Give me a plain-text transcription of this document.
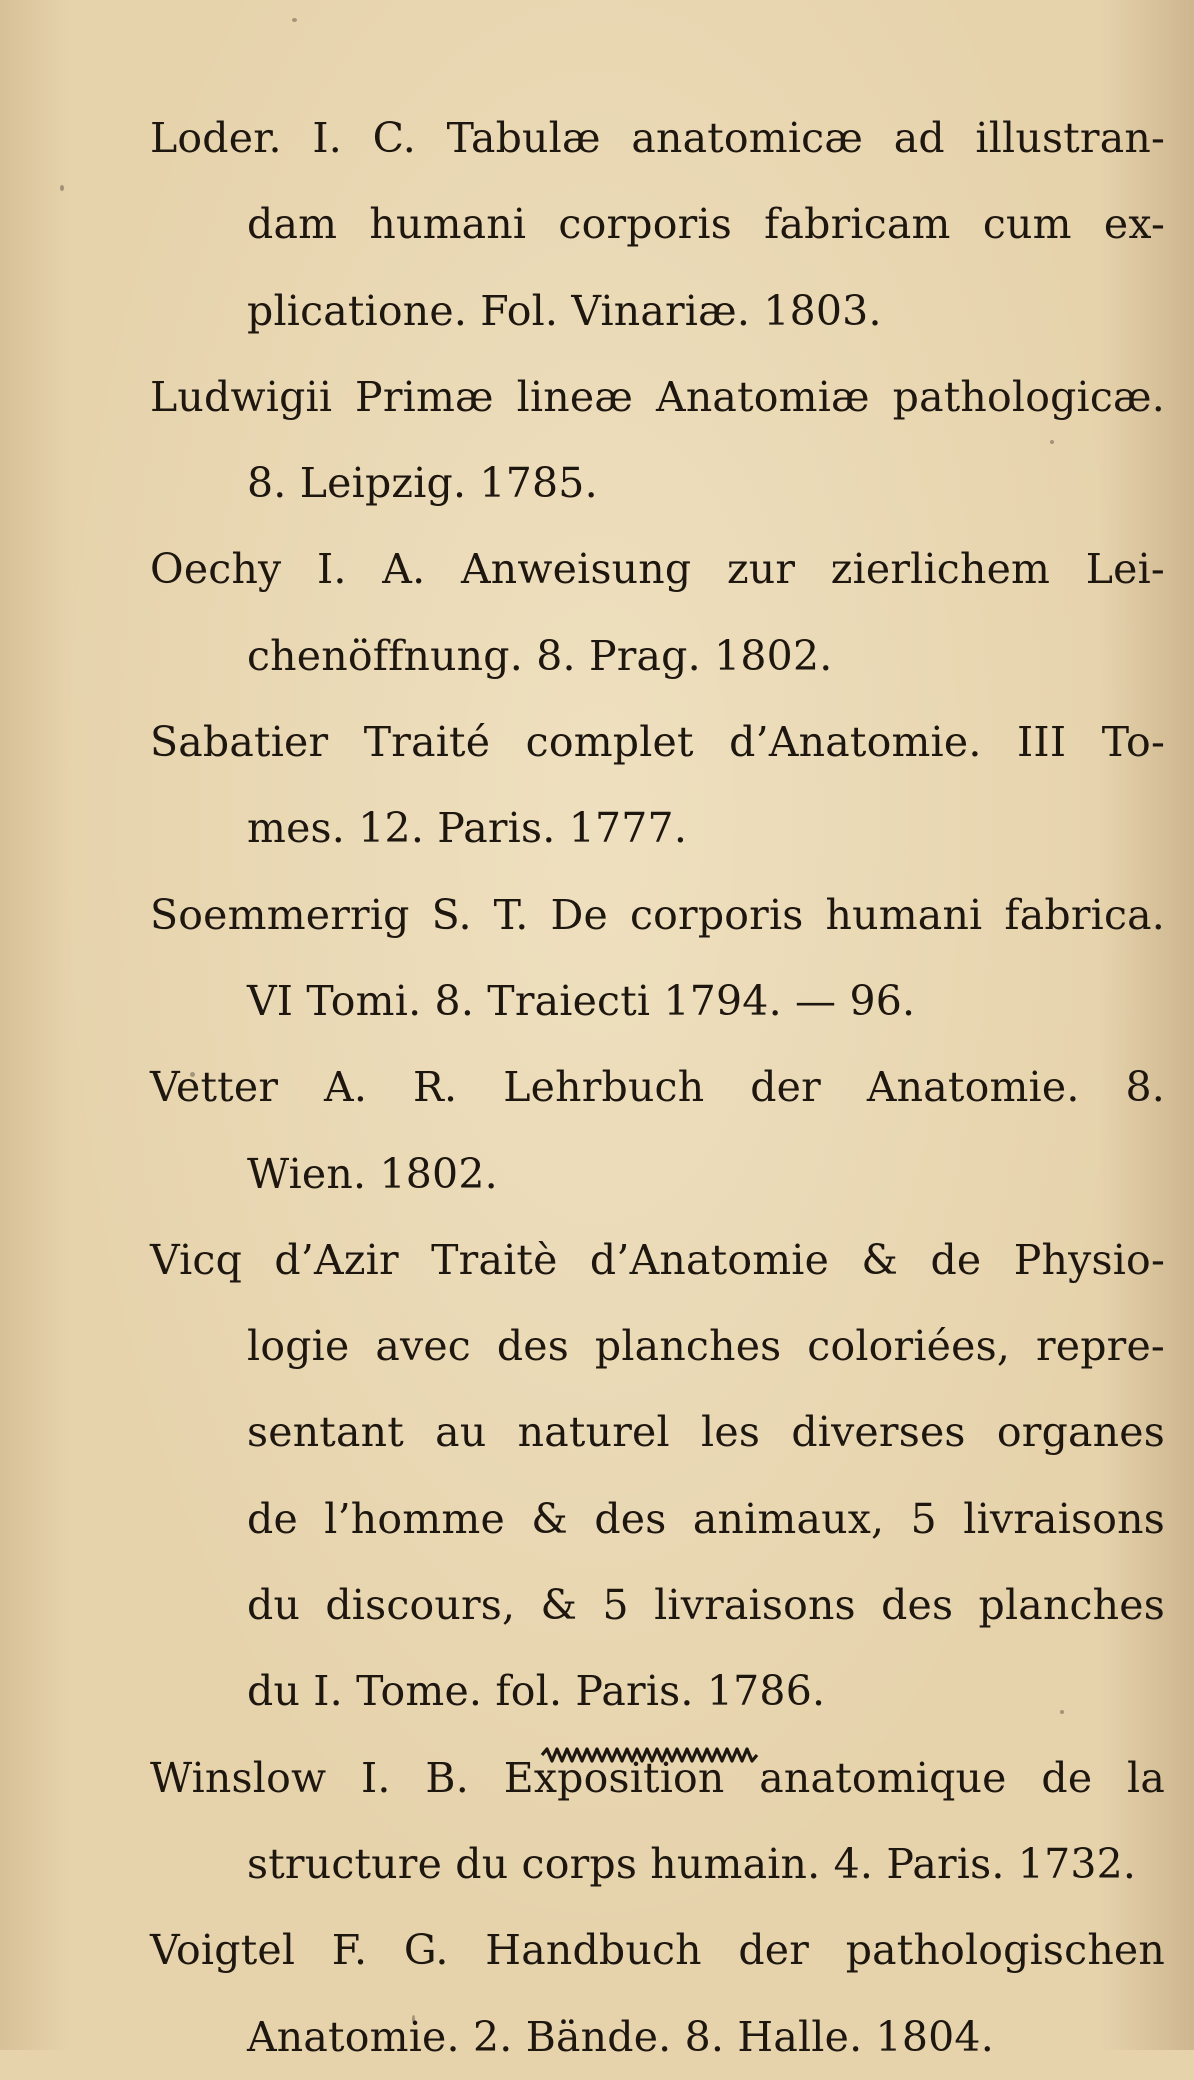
Loder. I. C. Tabulæ anatomicæ ad illustran-
dam humani corporis fabricam cum ex-
plicatione. Fol. Vinariæ. 1803.
Ludwigii Primæ lineæ Anatomiæ pathologicæ.
8. Leipzig. 1785.
Oechy I. A. Anweisung zur zierlichem Lei-
chenöffnung. 8. Prag. 1802.
Sabatier Traité complet d’Anatomie. III To-
mes. 12. Paris. 1777.
Soemmerrig S. T. De corporis humani fabrica.
VI Tomi. 8. Traiecti 1794. — 96.
Vetter A. R. Lehrbuch der Anatomie. 8.
Wien. 1802.
Vicq d’Azir Traitè d’Anatomie & de Physio-
logie avec des planches coloriées, repre-
sentant au naturel les diverses organes
de l’homme & des animaux, 5 livraisons
du discours, & 5 livraisons des planches
du I. Tome. fol. Paris. 1786.
Winslow I. B. Exposition anatomique de la
structure du corps humain. 4. Paris. 1732.
Voigtel F. G. Handbuch der pathologischen
Anatomie. 2. Bände. 8. Halle. 1804.
